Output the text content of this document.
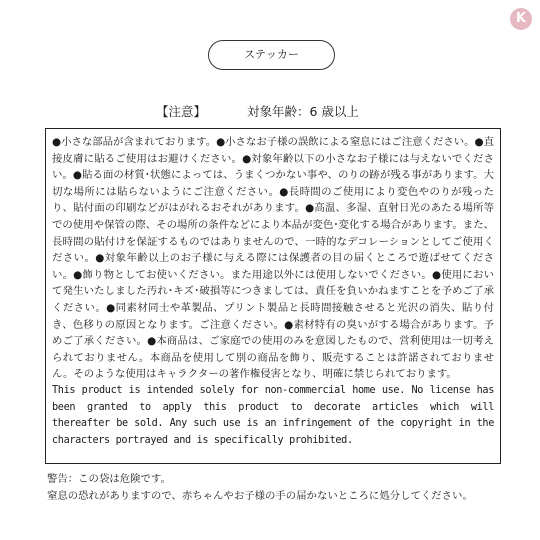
K
ステッカー
【注意】	対象年齢：6 歳以上
●小さな部品が含まれております。●小さなお子様の誤飲による窒息にはご注意ください。●直接皮膚に貼るご使用はお避けください。●対象年齢以下の小さなお子様には与えないでください。●貼る面の材質･状態によっては、うまくつかない事や、のりの跡が残る事があります。大切な場所には貼らないようにご注意ください。●長時間のご使用により変色やのりが残ったり、貼付面の印刷などがはがれるおそれがあります。●高温、多湿、直射日光のあたる場所等での使用や保管の際、その場所の条件などにより本品が変色･変化する場合があります。また、長時間の貼付けを保証するものではありませんので、一時的なデコレーションとしてご使用ください。●対象年齢以上のお子様に与える際には保護者の目の届くところで遊ばせてください。●飾り物としてお使いください。また用途以外には使用しないでください。●使用において発生いたしました汚れ･キズ･破損等につきましては、責任を負いかねますことを予めご了承ください。●同素材同士や革製品、プリント製品と長時間接触させると光沢の消失、貼り付き、色移りの原因となります。ご注意ください。●素材特有の臭いがする場合があります。予めご了承ください。●本商品は、ご家庭での使用のみを意図したもので、営利使用は一切考えられておりません。本商品を使用して別の商品を飾り、販売することは許諾されておりません。そのような使用はキャラクターの著作権侵害となり、明確に禁じられております。
This product is intended solely for non-commercial home use. No license has been granted to apply this product to decorate articles which will thereafter be sold. Any such use is an infringement of the copyright in the characters portrayed and is specifically prohibited.
警告：この袋は危険です。
窒息の恐れがありますので、赤ちゃんやお子様の手の届かないところに処分してください。
